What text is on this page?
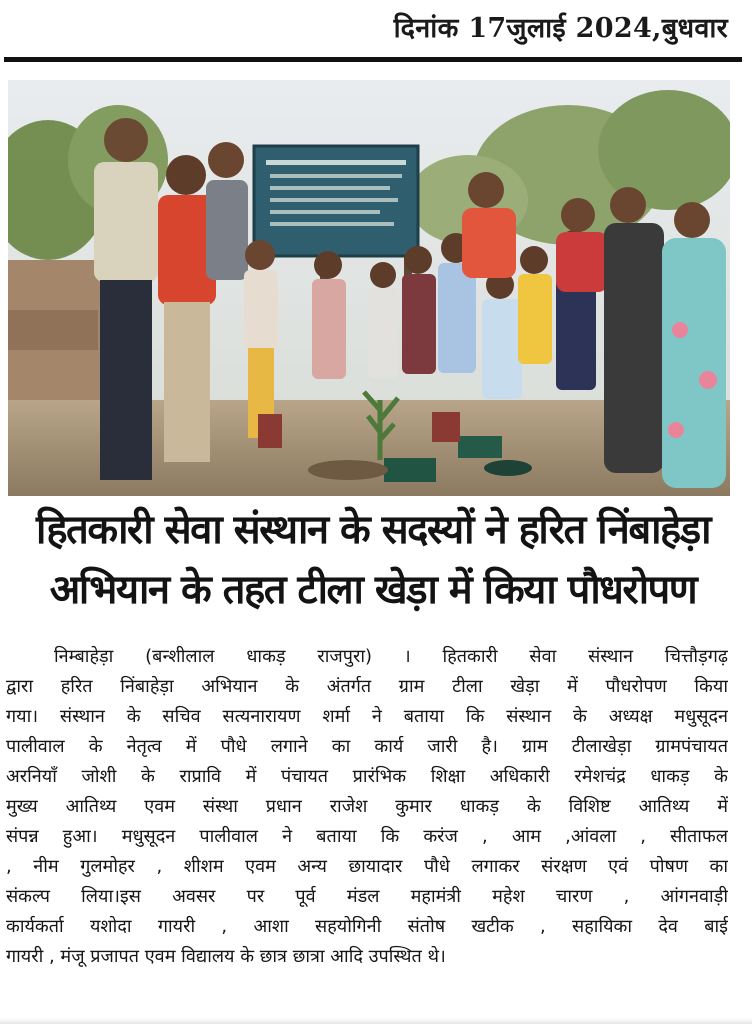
दिनांक 17जुलाई 2024,बुधवार
हितकारी सेवा संस्थान के सदस्यों ने हरित निंबाहेड़ा
अभियान के तहत टीला खेड़ा में किया पौधरोपण
निम्बाहेड़ा (बन्शीलाल धाकड़ राजपुरा) । हितकारी सेवा संस्थान चित्तौड़गढ़
द्वारा हरित निंबाहेड़ा अभियान के अंतर्गत ग्राम टीला खेड़ा में पौधरोपण किया
गया। संस्थान के सचिव सत्यनारायण शर्मा ने बताया कि संस्थान के अध्यक्ष मधुसूदन
पालीवाल के नेतृत्व में पौधे लगाने का कार्य जारी है। ग्राम टीलाखेड़ा ग्रामपंचायत
अरनियाँ जोशी के राप्रावि में पंचायत प्रारंभिक शिक्षा अधिकारी रमेशचंद्र धाकड़ के
मुख्य आतिथ्य एवम संस्था प्रधान राजेश कुमार धाकड़ के विशिष्ट आतिथ्य में
संपन्न हुआ। मधुसूदन पालीवाल ने बताया कि करंज , आम ,आंवला , सीताफल
, नीम गुलमोहर , शीशम एवम अन्य छायादार पौधे लगाकर संरक्षण एवं पोषण का
संकल्प लिया।इस अवसर पर पूर्व मंडल महामंत्री महेश चारण , आंगनवाड़ी
कार्यकर्ता यशोदा गायरी , आशा सहयोगिनी संतोष खटीक , सहायिका देव बाई
गायरी , मंजू प्रजापत एवम विद्यालय के छात्र छात्रा आदि उपस्थित थे।
